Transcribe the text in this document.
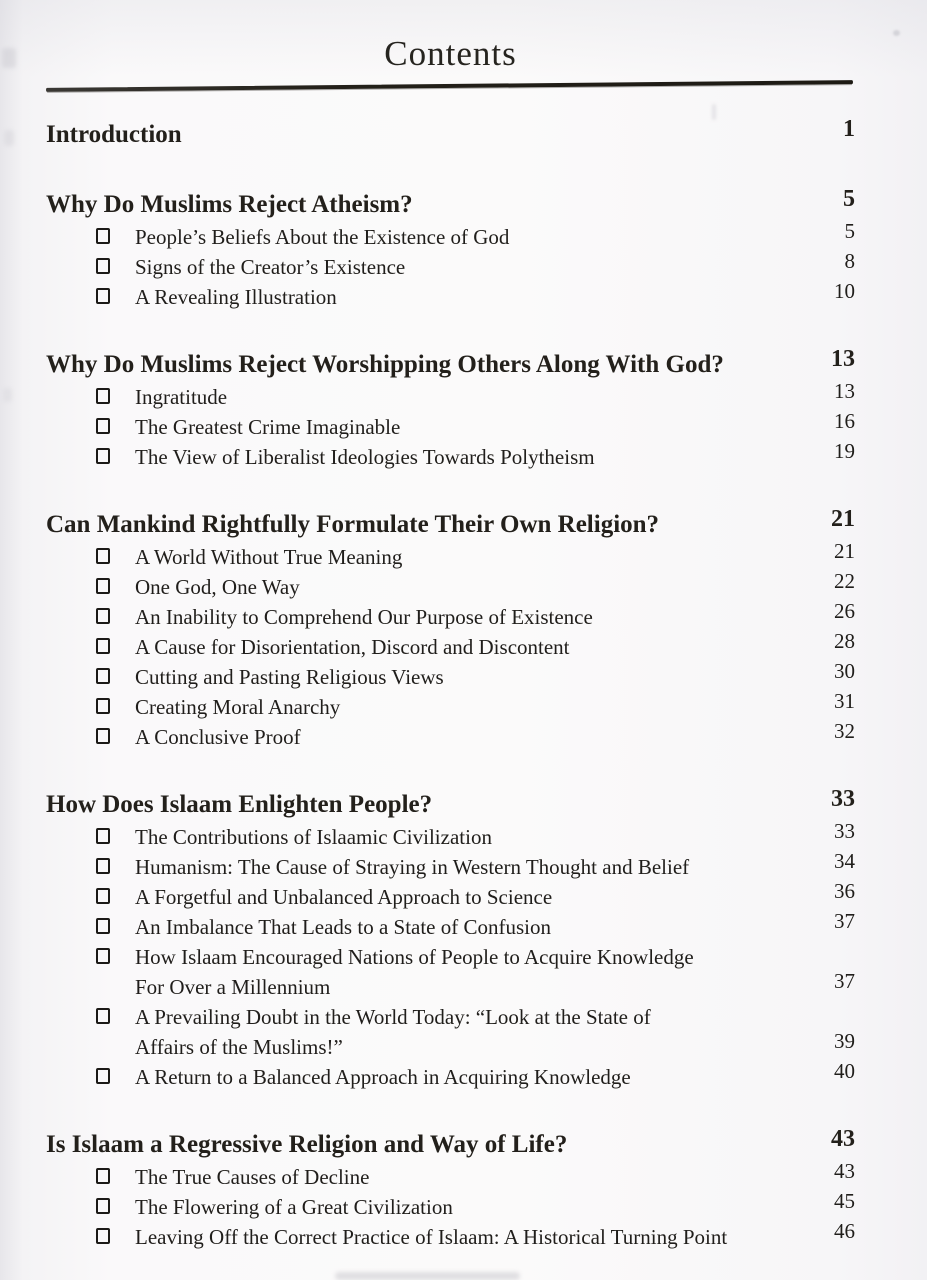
Contents
Introduction	1
Why Do Muslims Reject Atheism?	5
People’s Beliefs About the Existence of God	5
Signs of the Creator’s Existence	8
A Revealing Illustration	10
Why Do Muslims Reject Worshipping Others Along With God?	13
Ingratitude	13
The Greatest Crime Imaginable	16
The View of Liberalist Ideologies Towards Polytheism	19
Can Mankind Rightfully Formulate Their Own Religion?	21
A World Without True Meaning	21
One God, One Way	22
An Inability to Comprehend Our Purpose of Existence	26
A Cause for Disorientation, Discord and Discontent	28
Cutting and Pasting Religious Views	30
Creating Moral Anarchy	31
A Conclusive Proof	32
How Does Islaam Enlighten People?	33
The Contributions of Islaamic Civilization	33
Humanism: The Cause of Straying in Western Thought and Belief	34
A Forgetful and Unbalanced Approach to Science	36
An Imbalance That Leads to a State of Confusion	37
How Islaam Encouraged Nations of People to Acquire Knowledge
For Over a Millennium	37
A Prevailing Doubt in the World Today: “Look at the State of
Affairs of the Muslims!”	39
A Return to a Balanced Approach in Acquiring Knowledge	40
Is Islaam a Regressive Religion and Way of Life?	43
The True Causes of Decline	43
The Flowering of a Great Civilization	45
Leaving Off the Correct Practice of Islaam: A Historical Turning Point	46
